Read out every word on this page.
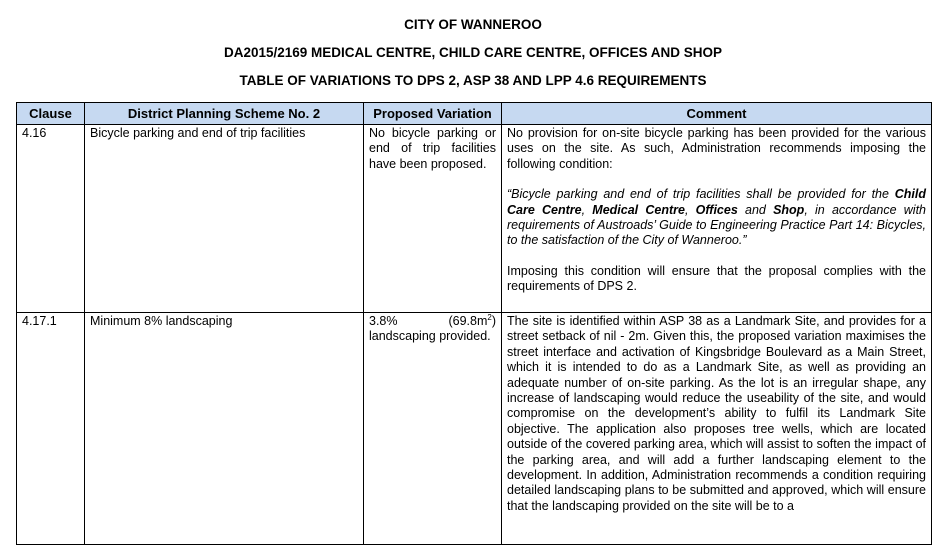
CITY OF WANNEROO
DA2015/2169 MEDICAL CENTRE, CHILD CARE CENTRE, OFFICES AND SHOP
TABLE OF VARIATIONS TO DPS 2, ASP 38 AND LPP 4.6 REQUIREMENTS
Clause	District Planning Scheme No. 2	Proposed Variation	Comment
4.16	Bicycle parking and end of trip facilities	No bicycle parking or end of trip facilities have been proposed.	No provision for on-site bicycle parking has been provided for the various uses on the site. As such, Administration recommends imposing the following condition:

“Bicycle parking and end of trip facilities shall be provided for the Child Care Centre, Medical Centre, Offices and Shop, in accordance with requirements of Austroads’ Guide to Engineering Practice Part 14: Bicycles, to the satisfaction of the City of Wanneroo.”

Imposing this condition will ensure that the proposal complies with the requirements of DPS 2.

4.17.1	Minimum 8% landscaping	3.8% $(69.8m^2)$ landscaping provided.	The site is identified within ASP 38 as a Landmark Site, and provides for a street setback of nil - 2m. Given this, the proposed variation maximises the street interface and activation of Kingsbridge Boulevard as a Main Street, which it is intended to do as a Landmark Site, as well as providing an adequate number of on-site parking. As the lot is an irregular shape, any increase of landscaping would reduce the useability of the site, and would compromise on the development’s ability to fulfil its Landmark Site objective. The application also proposes tree wells, which are located outside of the covered parking area, which will assist to soften the impact of the parking area, and will add a further landscaping element to the development. In addition, Administration recommends a condition requiring detailed landscaping plans to be submitted and approved, which will ensure that the landscaping provided on the site will be to a
